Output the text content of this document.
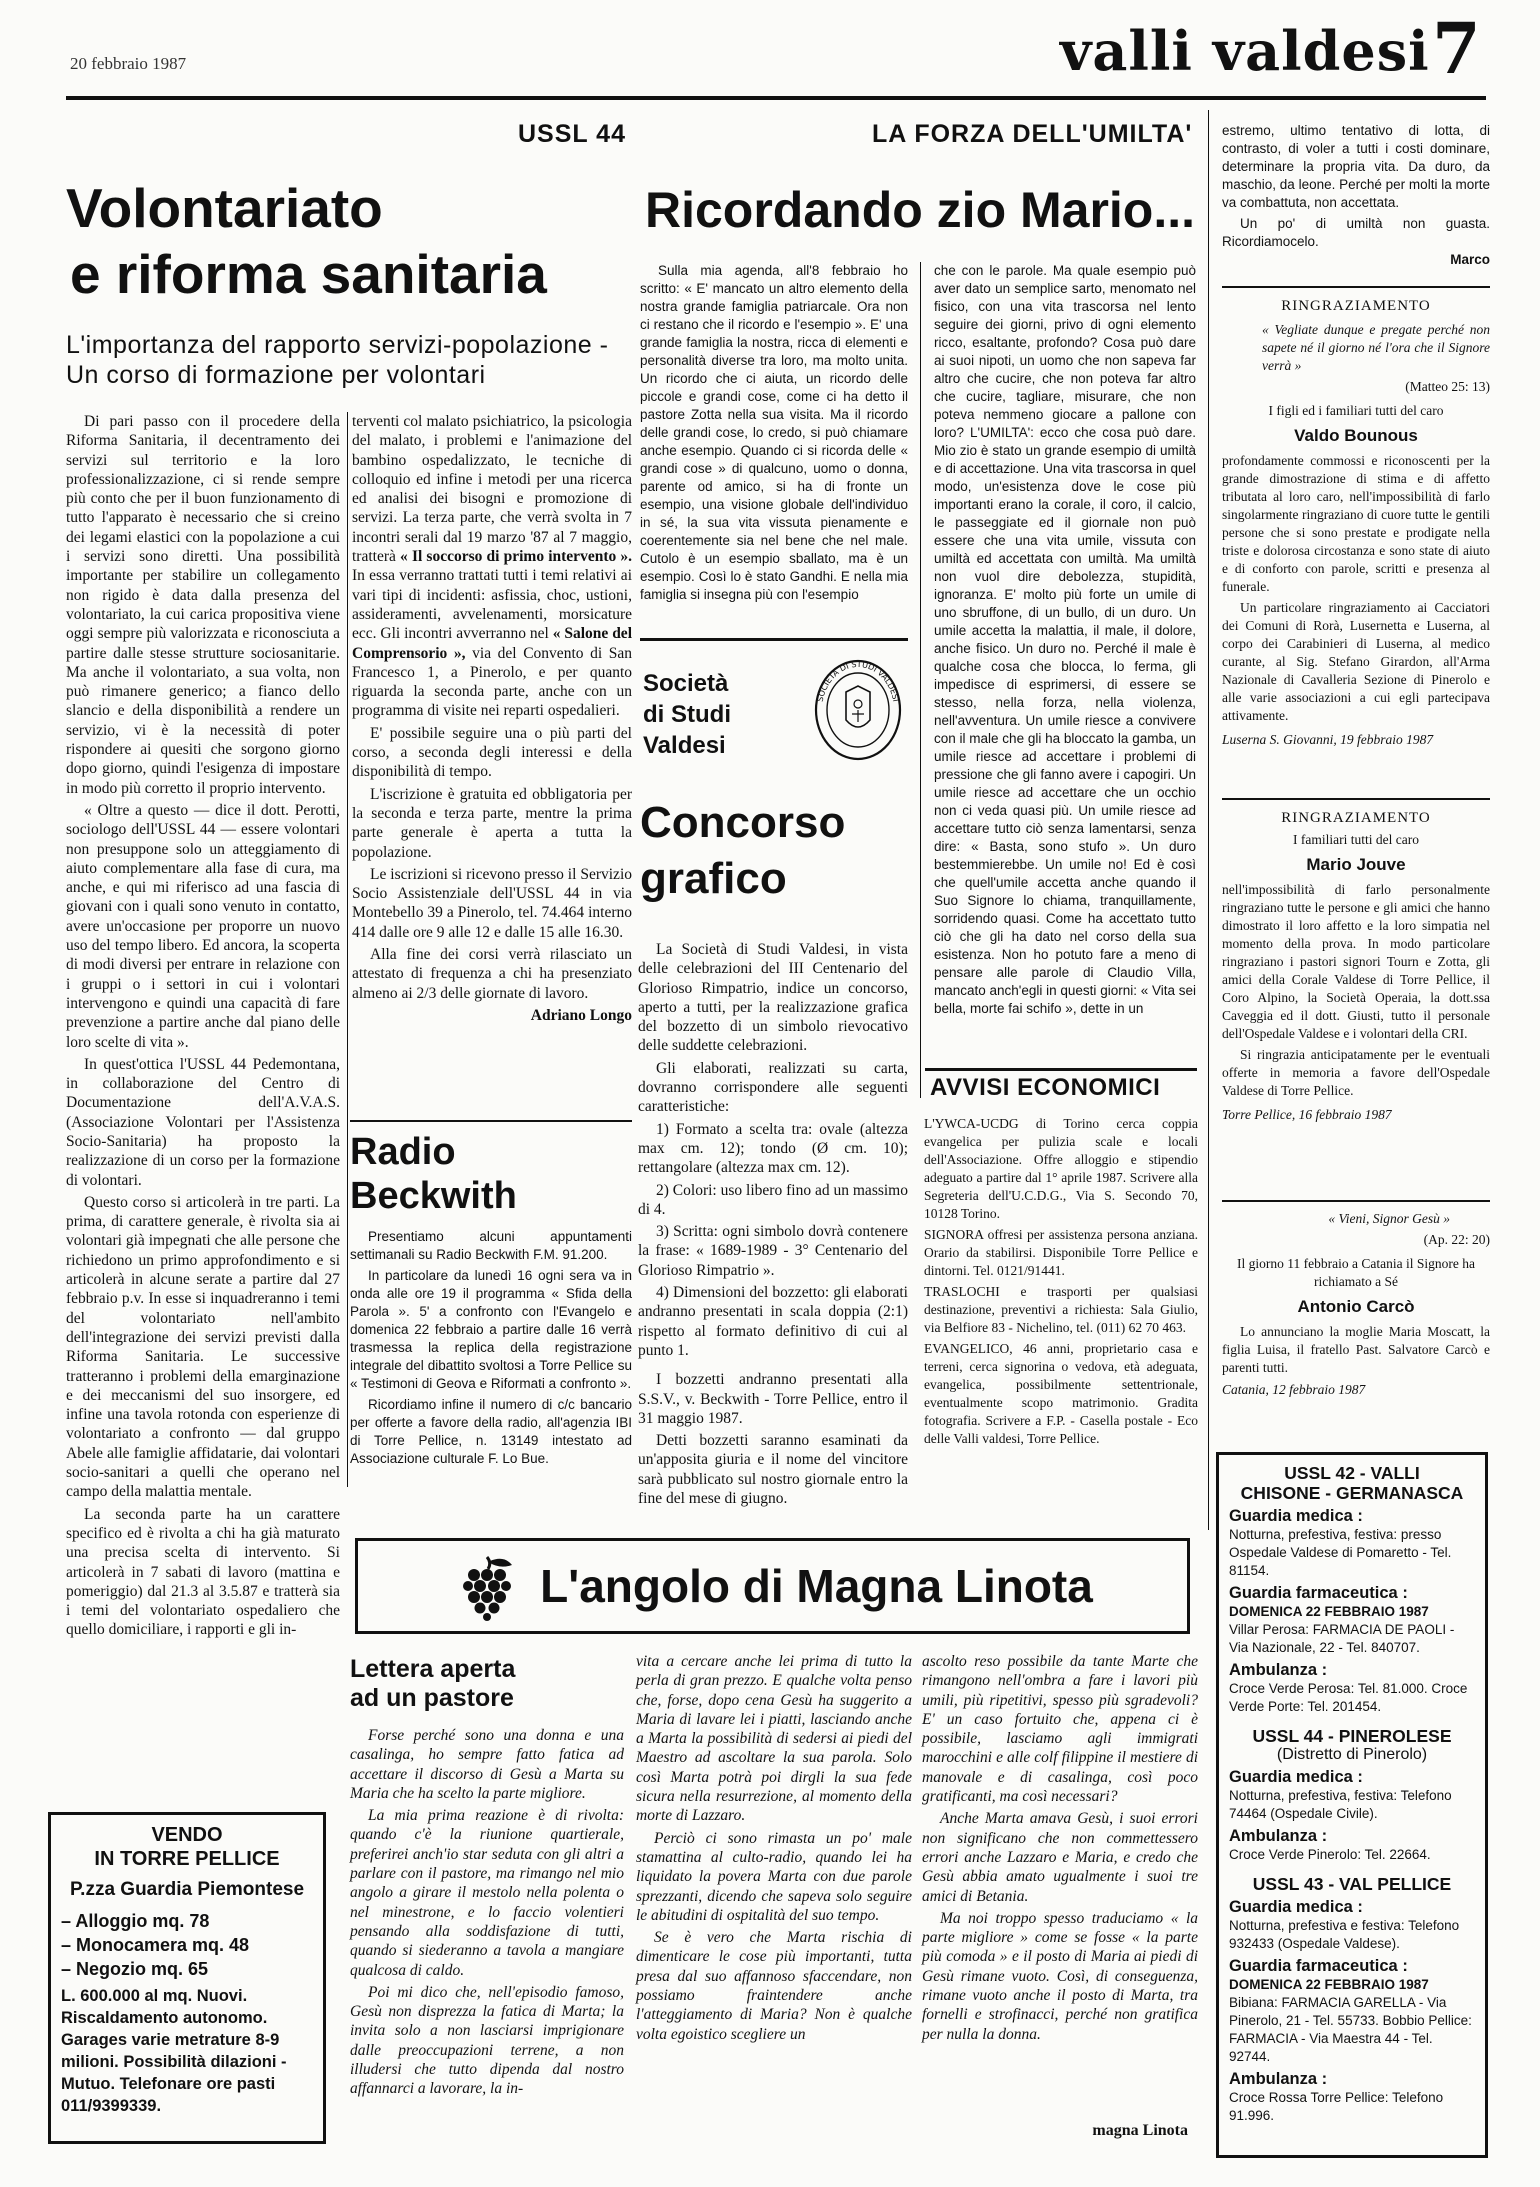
20 febbraio 1987	valli valdesi 7
USSL 44
Volontariato
e riforma sanitaria
L'importanza del rapporto servizi-popolazione - Un corso di formazione per volontari

Di pari passo con il procedere della Riforma Sanitaria, il decentramento dei servizi sul territorio e la loro professionalizzazione, ci si rende sempre più conto che per il buon funzionamento di tutto l'apparato è necessario che si creino dei legami elastici con la popolazione a cui i servizi sono diretti. Una possibilità importante per stabilire un collegamento non rigido è data dalla presenza del volontariato, la cui carica propositiva viene oggi sempre più valorizzata e riconosciuta a partire dalle stesse strutture sociosanitarie. Ma anche il volontariato, a sua volta, non può rimanere generico; a fianco dello slancio e della disponibilità a rendere un servizio, vi è la necessità di poter rispondere ai quesiti che sorgono giorno dopo giorno, quindi l'esigenza di impostare in modo più corretto il proprio intervento.

« Oltre a questo — dice il dott. Perotti, sociologo dell'USSL 44 — essere volontari non presuppone solo un atteggiamento di aiuto complementare alla fase di cura, ma anche, e qui mi riferisco ad una fascia di giovani con i quali sono venuto in contatto, avere un'occasione per proporre un nuovo uso del tempo libero. Ed ancora, la scoperta di modi diversi per entrare in relazione con i gruppi o i settori in cui i volontari intervengono e quindi una capacità di fare prevenzione a partire anche dal piano delle loro scelte di vita ».

In quest'ottica l'USSL 44 Pedemontana, in collaborazione del Centro di Documentazione dell'A.V.A.S. (Associazione Volontari per l'Assistenza Socio-Sanitaria) ha proposto la realizzazione di un corso per la formazione di volontari.

Questo corso si articolerà in tre parti. La prima, di carattere generale, è rivolta sia ai volontari già impegnati che alle persone che richiedono un primo approfondimento e si articolerà in alcune serate a partire dal 27 febbraio p.v. In esse si inquadreranno i temi del volontariato nell'ambito dell'integrazione dei servizi previsti dalla Riforma Sanitaria. Le successive tratteranno i problemi della emarginazione e dei meccanismi del suo insorgere, ed infine una tavola rotonda con esperienze di volontariato a confronto — dal gruppo Abele alle famiglie affidatarie, dai volontari socio-sanitari a quelli che operano nel campo della malattia mentale.

La seconda parte ha un carattere specifico ed è rivolta a chi ha già maturato una precisa scelta di intervento. Si articolerà in 7 sabati di lavoro (mattina e pomeriggio) dal 21.3 al 3.5.87 e tratterà sia i temi del volontariato ospedaliero che quello domiciliare, i rapporti e gli in-

terventi col malato psichiatrico, la psicologia del malato, i problemi e l'animazione del bambino ospedalizzato, le tecniche di colloquio ed infine i metodi per una ricerca ed analisi dei bisogni e promozione di servizi. La terza parte, che verrà svolta in 7 incontri serali dal 19 marzo '87 al 7 maggio, tratterà « Il soccorso di primo intervento ». In essa verranno trattati tutti i temi relativi ai vari tipi di incidenti: asfissia, choc, ustioni, assideramenti, avvelenamenti, morsicature ecc. Gli incontri avverranno nel « Salone del Comprensorio », via del Convento di San Francesco 1, a Pinerolo, e per quanto riguarda la seconda parte, anche con un programma di visite nei reparti ospedalieri.

E' possibile seguire una o più parti del corso, a seconda degli interessi e della disponibilità di tempo.

L'iscrizione è gratuita ed obbligatoria per la seconda e terza parte, mentre la prima parte generale è aperta a tutta la popolazione.

Le iscrizioni si ricevono presso il Servizio Socio Assistenziale dell'USSL 44 in via Montebello 39 a Pinerolo, tel. 74.464 interno 414 dalle ore 9 alle 12 e dalle 15 alle 16.30.

Alla fine dei corsi verrà rilasciato un attestato di frequenza a chi ha presenziato almeno ai 2/3 delle giornate di lavoro.

Adriano Longo

Radio
Beckwith

Presentiamo alcuni appuntamenti settimanali su Radio Beckwith F.M. 91.200.

In particolare da lunedì 16 ogni sera va in onda alle ore 19 il programma « Sfida della Parola ». 5' a confronto con l'Evangelo e domenica 22 febbraio a partire dalle 16 verrà trasmessa la replica della registrazione integrale del dibattito svoltosi a Torre Pellice su « Testimoni di Geova e Riformati a confronto ».

Ricordiamo infine il numero di c/c bancario per offerte a favore della radio, all'agenzia IBI di Torre Pellice, n. 13149 intestato ad Associazione culturale F. Lo Bue.

LA FORZA DELL'UMILTA'
Ricordando zio Mario...

Sulla mia agenda, all'8 febbraio ho scritto: « E' mancato un altro elemento della nostra grande famiglia patriarcale. Ora non ci restano che il ricordo e l'esempio ». E' una grande famiglia la nostra, ricca di elementi e personalità diverse tra loro, ma molto unita. Un ricordo che ci aiuta, un ricordo delle piccole e grandi cose, come ci ha detto il pastore Zotta nella sua visita. Ma il ricordo delle grandi cose, lo credo, si può chiamare anche esempio. Quando ci si ricorda delle « grandi cose » di qualcuno, uomo o donna, parente od amico, si ha di fronte un esempio, una visione globale dell'individuo in sé, la sua vita vissuta pienamente e coerentemente sia nel bene che nel male. Cutolo è un esempio sballato, ma è un esempio. Così lo è stato Gandhi. E nella mia famiglia si insegna più con l'esempio

che con le parole. Ma quale esempio può aver dato un semplice sarto, menomato nel fisico, con una vita trascorsa nel lento seguire dei giorni, privo di ogni elemento ricco, esaltante, profondo? Cosa può dare ai suoi nipoti, un uomo che non sapeva far altro che cucire, che non poteva far altro che cucire, tagliare, misurare, che non poteva nemmeno giocare a pallone con loro? L'UMILTA': ecco che cosa può dare. Mio zio è stato un grande esempio di umiltà e di accettazione. Una vita trascorsa in quel modo, un'esistenza dove le cose più importanti erano la corale, il coro, il calcio, le passeggiate ed il giornale non può essere che una vita umile, vissuta con umiltà ed accettata con umiltà. Ma umiltà non vuol dire debolezza, stupidità, ignoranza. E' molto più forte un umile di uno sbruffone, di un bullo, di un duro. Un umile accetta la malattia, il male, il dolore, anche fisico. Un duro no. Perché il male è qualche cosa che blocca, lo ferma, gli impedisce di esprimersi, di essere se stesso, nella forza, nella violenza, nell'avventura. Un umile riesce a convivere con il male che gli ha bloccato la gamba, un umile riesce ad accettare i problemi di pressione che gli fanno avere i capogiri. Un umile riesce ad accettare che un occhio non ci veda quasi più. Un umile riesce ad accettare tutto ciò senza lamentarsi, senza dire: « Basta, sono stufo ». Un duro bestemmierebbe. Un umile no! Ed è così che quell'umile accetta anche quando il Suo Signore lo chiama, tranquillamente, sorridendo quasi. Come ha accettato tutto ciò che gli ha dato nel corso della sua esistenza. Non ho potuto fare a meno di pensare alle parole di Claudio Villa, mancato anch'egli in questi giorni: « Vita sei bella, morte fai schifo », dette in un

estremo, ultimo tentativo di lotta, di contrasto, di voler a tutti i costi dominare, determinare la propria vita. Da duro, da maschio, da leone. Perché per molti la morte va combattuta, non accettata.

Un po' di umiltà non guasta. Ricordiamocelo.

Marco

Società
di Studi
Valdesi
SOCIETA DI STUDI VALDESI
Concorso
grafico

La Società di Studi Valdesi, in vista delle celebrazioni del III Centenario del Glorioso Rimpatrio, indice un concorso, aperto a tutti, per la realizzazione grafica del bozzetto di un simbolo rievocativo delle suddette celebrazioni.

Gli elaborati, realizzati su carta, dovranno corrispondere alle seguenti caratteristiche:

1) Formato a scelta tra: ovale (altezza max cm. 12); tondo (Ø cm. 10); rettangolare (altezza max cm. 12).

2) Colori: uso libero fino ad un massimo di 4.

3) Scritta: ogni simbolo dovrà contenere la frase: « 1689-1989 - 3° Centenario del Glorioso Rimpatrio ».

4) Dimensioni del bozzetto: gli elaborati andranno presentati in scala doppia (2:1) rispetto al formato definitivo di cui al punto 1.

I bozzetti andranno presentati alla S.S.V., v. Beckwith - Torre Pellice, entro il 31 maggio 1987.

Detti bozzetti saranno esaminati da un'apposita giuria e il nome del vincitore sarà pubblicato sul nostro giornale entro la fine del mese di giugno.

AVVISI ECONOMICI

L'YWCA-UCDG di Torino cerca coppia evangelica per pulizia scale e locali dell'Associazione. Offre alloggio e stipendio adeguato a partire dal 1° aprile 1987. Scrivere alla Segreteria dell'U.C.D.G., Via S. Secondo 70, 10128 Torino.

SIGNORA offresi per assistenza persona anziana. Orario da stabilirsi. Disponibile Torre Pellice e dintorni. Tel. 0121/91441.

TRASLOCHI e trasporti per qualsiasi destinazione, preventivi a richiesta: Sala Giulio, via Belfiore 83 - Nichelino, tel. (011) 62 70 463.

EVANGELICO, 46 anni, proprietario casa e terreni, cerca signorina o vedova, età adeguata, evangelica, possibilmente settentrionale, eventualmente scopo matrimonio. Gradita fotografia. Scrivere a F.P. - Casella postale - Eco delle Valli valdesi, Torre Pellice.

RINGRAZIAMENTO

« Vegliate dunque e pregate perché non sapete né il giorno né l'ora che il Signore verrà »

(Matteo 25: 13)

I figli ed i familiari tutti del caro

Valdo Bounous

profondamente commossi e riconoscenti per la grande dimostrazione di stima e di affetto tributata al loro caro, nell'impossibilità di farlo singolarmente ringraziano di cuore tutte le gentili persone che si sono prestate e prodigate nella triste e dolorosa circostanza e sono state di aiuto e di conforto con parole, scritti e presenza al funerale.

Un particolare ringraziamento ai Cacciatori dei Comuni di Rorà, Lusernetta e Luserna, al corpo dei Carabinieri di Luserna, al medico curante, al Sig. Stefano Girardon, all'Arma Nazionale di Cavalleria Sezione di Pinerolo e alle varie associazioni a cui egli partecipava attivamente.

Luserna S. Giovanni, 19 febbraio 1987

RINGRAZIAMENTO

I familiari tutti del caro

Mario Jouve

nell'impossibilità di farlo personalmente ringraziano tutte le persone e gli amici che hanno dimostrato il loro affetto e la loro simpatia nel momento della prova. In modo particolare ringraziano i pastori signori Tourn e Zotta, gli amici della Corale Valdese di Torre Pellice, il Coro Alpino, la Società Operaia, la dott.ssa Caveggia ed il dott. Giusti, tutto il personale dell'Ospedale Valdese e i volontari della CRI.

Si ringrazia anticipatamente per le eventuali offerte in memoria a favore dell'Ospedale Valdese di Torre Pellice.

Torre Pellice, 16 febbraio 1987

« Vieni, Signor Gesù »

(Ap. 22: 20)

Il giorno 11 febbraio a Catania il Signore ha richiamato a Sé

Antonio Carcò

Lo annunciano la moglie Maria Moscatt, la figlia Luisa, il fratello Past. Salvatore Carcò e parenti tutti.

Catania, 12 febbraio 1987

USSL 42 - VALLI

CHISONE - GERMANASCA

Guardia medica :

Notturna, prefestiva, festiva: presso Ospedale Valdese di Pomaretto - Tel. 81154.

Guardia farmaceutica :

DOMENICA 22 FEBBRAIO 1987

Villar Perosa: FARMACIA DE PAOLI - Via Nazionale, 22 - Tel. 840707.

Ambulanza :

Croce Verde Perosa: Tel. 81.000. Croce Verde Porte: Tel. 201454.

USSL 44 - PINEROLESE

(Distretto di Pinerolo)

Guardia medica :

Notturna, prefestiva, festiva: Telefono 74464 (Ospedale Civile).

Ambulanza :

Croce Verde Pinerolo: Tel. 22664.

USSL 43 - VAL PELLICE

Guardia medica :

Notturna, prefestiva e festiva: Telefono 932433 (Ospedale Valdese).

Guardia farmaceutica :

DOMENICA 22 FEBBRAIO 1987

Bibiana: FARMACIA GARELLA - Via Pinerolo, 21 - Tel. 55733. Bobbio Pellice: FARMACIA - Via Maestra 44 - Tel. 92744.

Ambulanza :

Croce Rossa Torre Pellice: Telefono 91.996.

L'angolo di Magna Linota
Lettera aperta
ad un pastore

Forse perché sono una donna e una casalinga, ho sempre fatto fatica ad accettare il discorso di Gesù a Marta su Maria che ha scelto la parte migliore.

La mia prima reazione è di rivolta: quando c'è la riunione quartierale, preferirei anch'io star seduta con gli altri a parlare con il pastore, ma rimango nel mio angolo a girare il mestolo nella polenta o nel minestrone, e lo faccio volentieri pensando alla soddisfazione di tutti, quando si siederanno a tavola a mangiare qualcosa di caldo.

Poi mi dico che, nell'episodio famoso, Gesù non disprezza la fatica di Marta; la invita solo a non lasciarsi imprigionare dalle preoccupazioni terrene, a non illudersi che tutto dipenda dal nostro affannarci a lavorare, la in-

vita a cercare anche lei prima di tutto la perla di gran prezzo. E qualche volta penso che, forse, dopo cena Gesù ha suggerito a Maria di lavare lei i piatti, lasciando anche a Marta la possibilità di sedersi ai piedi del Maestro ad ascoltare la sua parola. Solo così Marta potrà poi dirgli la sua fede sicura nella resurrezione, al momento della morte di Lazzaro.

Perciò ci sono rimasta un po' male stamattina al culto-radio, quando lei ha liquidato la povera Marta con due parole sprezzanti, dicendo che sapeva solo seguire le abitudini di ospitalità del suo tempo.

Se è vero che Marta rischia di dimenticare le cose più importanti, tutta presa dal suo affannoso sfaccendare, non possiamo fraintendere anche l'atteggiamento di Maria? Non è qualche volta egoistico scegliere un

ascolto reso possibile da tante Marte che rimangono nell'ombra a fare i lavori più umili, più ripetitivi, spesso più sgradevoli? E' un caso fortuito che, appena ci è possibile, lasciamo agli immigrati marocchini e alle colf filippine il mestiere di manovale e di casalinga, così poco gratificanti, ma così necessari?

Anche Marta amava Gesù, i suoi errori non significano che non commettessero errori anche Lazzaro e Maria, e credo che Gesù abbia amato ugualmente i suoi tre amici di Betania.

Ma noi troppo spesso traduciamo « la parte migliore » come se fosse « la parte più comoda » e il posto di Maria ai piedi di Gesù rimane vuoto. Così, di conseguenza, rimane vuoto anche il posto di Marta, tra fornelli e strofinacci, perché non gratifica per nulla la donna.

magna Linota
VENDO
IN TORRE PELLICE
P.zza Guardia Piemontese
– Alloggio mq. 78
– Monocamera mq. 48
– Negozio mq. 65
L. 600.000 al mq. Nuovi. Riscaldamento autonomo. Garages varie metrature 8-9 milioni. Possibilità dilazioni - Mutuo. Telefonare ore pasti 011/9399339.
